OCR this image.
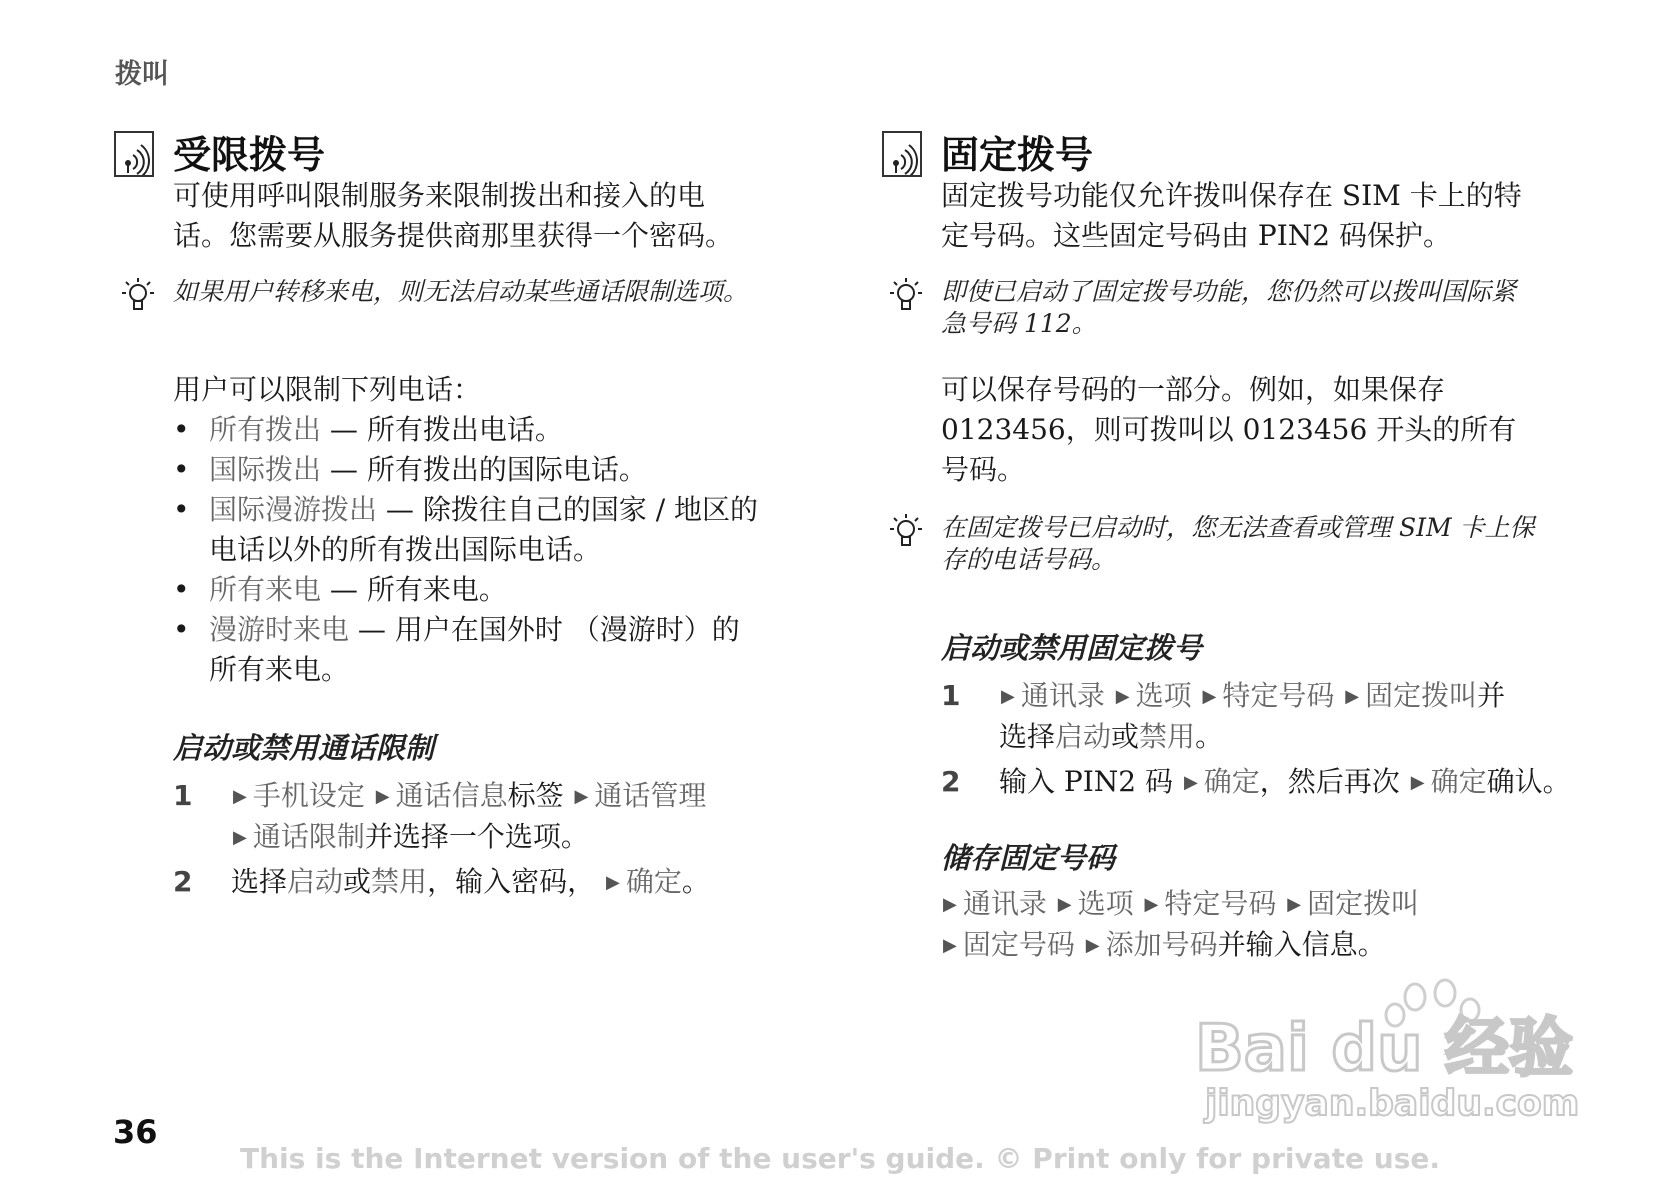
拨叫
受限拨号
可使用呼叫限制服务来限制拨出和接入的电
话。您需要从服务提供商那里获得一个密码。
如果用户转移来电，则无法启动某些通话限制选项。
用户可以限制下列电话：
• 所有拨出 — 所有拨出电话。
• 国际拨出 — 所有拨出的国际电话。
• 国际漫游拨出 — 除拨往自己的国家 / 地区的
电话以外的所有拨出国际电话。
• 所有来电 — 所有来电。
• 漫游时来电 — 用户在国外时 （漫游时）的
所有来电。
启动或禁用通话限制
1 ▶ 手机设定 ▶ 通话信息标签 ▶ 通话管理
▶ 通话限制并选择一个选项。
2 选择启动或禁用，输入密码， ▶ 确定。
固定拨号
固定拨号功能仅允许拨叫保存在 SIM 卡上的特
定号码。这些固定号码由 PIN2 码保护。
即使已启动了固定拨号功能，您仍然可以拨叫国际紧
急号码 112。
可以保存号码的一部分。例如，如果保存
0123456，则可拨叫以 0123456 开头的所有
号码。
在固定拨号已启动时，您无法查看或管理 SIM 卡上保
存的电话号码。
启动或禁用固定拨号
1 ▶ 通讯录 ▶ 选项 ▶ 特定号码 ▶ 固定拨叫并
选择启动或禁用。
2 输入 PIN2 码 ▶ 确定，然后再次 ▶ 确定确认。
储存固定号码
▶ 通讯录 ▶ 选项 ▶ 特定号码 ▶ 固定拨叫
▶ 固定号码 ▶ 添加号码并输入信息。
Bai du 经验
jingyan.baidu.com
36
This is the Internet version of the user's guide. © Print only for private use.
